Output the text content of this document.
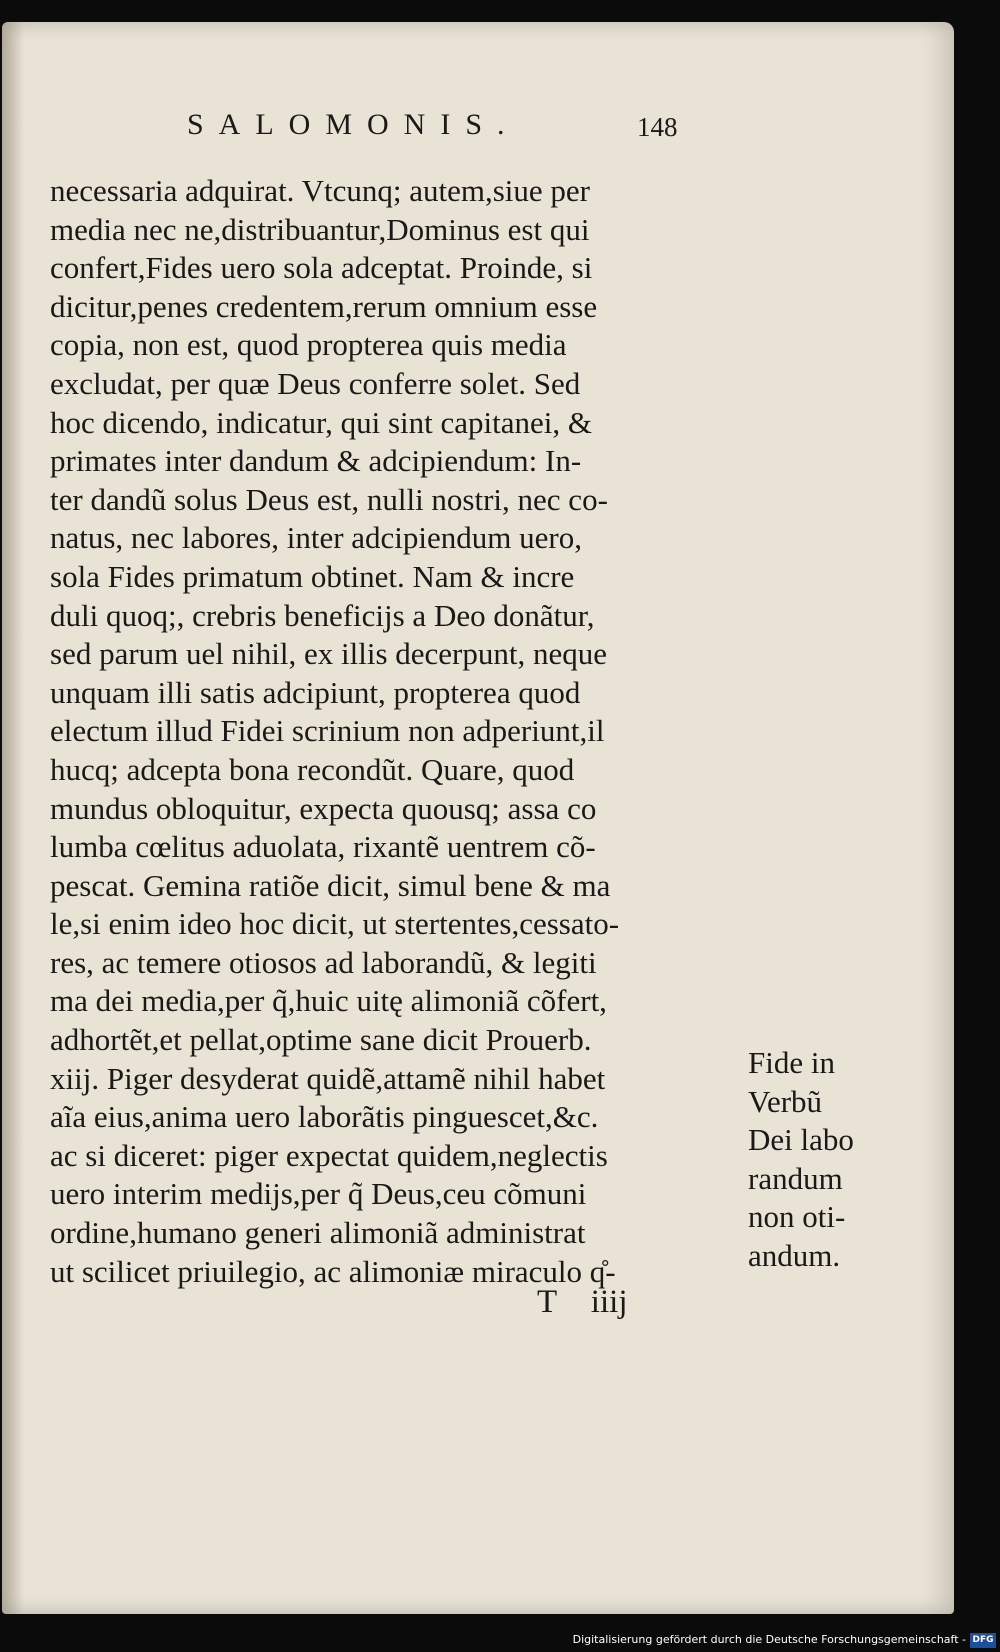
SALOMONIS.	148
necessaria adquirat. Vtcunq; autem,siue per
media nec ne,distribuantur,Dominus est qui
confert,Fides uero sola adceptat. Proinde, si
dicitur,penes credentem,rerum omnium esse
copia, non est, quod propterea quis media
excludat, per quæ Deus conferre solet. Sed
hoc dicendo, indicatur, qui sint capitanei, &
primates inter dandum & adcipiendum: In-
ter dandũ solus Deus est, nulli nostri, nec co-
natus, nec labores, inter adcipiendum uero,
sola Fides primatum obtinet. Nam & incre
duli quoq;, crebris beneficijs a Deo donãtur,
sed parum uel nihil, ex illis decerpunt, neque
unquam illi satis adcipiunt, propterea quod
electum illud Fidei scrinium non adperiunt,il
hucq; adcepta bona recondũt. Quare, quod
mundus obloquitur, expecta quousq; assa co
lumba cœlitus aduolata, rixantẽ uentrem cõ-
pescat. Gemina ratiõe dicit, simul bene & ma
le,si enim ideo hoc dicit, ut stertentes,cessato-
res, ac temere otiosos ad laborandũ, & legiti
ma dei media,per q̃,huic uitę alimoniã cõfert,
adhortẽt,et pellat,optime sane dicit Prouerb.
xiij. Piger desyderat quidẽ,attamẽ nihil habet
aĩa eius,anima uero laborãtis pinguescet,&c.
ac si diceret: piger expectat quidem,neglectis
uero interim medijs,per q̃ Deus,ceu cõmuni
ordine,humano generi alimoniã administrat
ut scilicet priuilegio, ac alimoniæ miraculo q̊-
Fide in
Verbũ
Dei labo
randum
non oti-
andum.
T iiij
Digitalisierung gefördert durch die Deutsche Forschungsgemeinschaft - DFG
